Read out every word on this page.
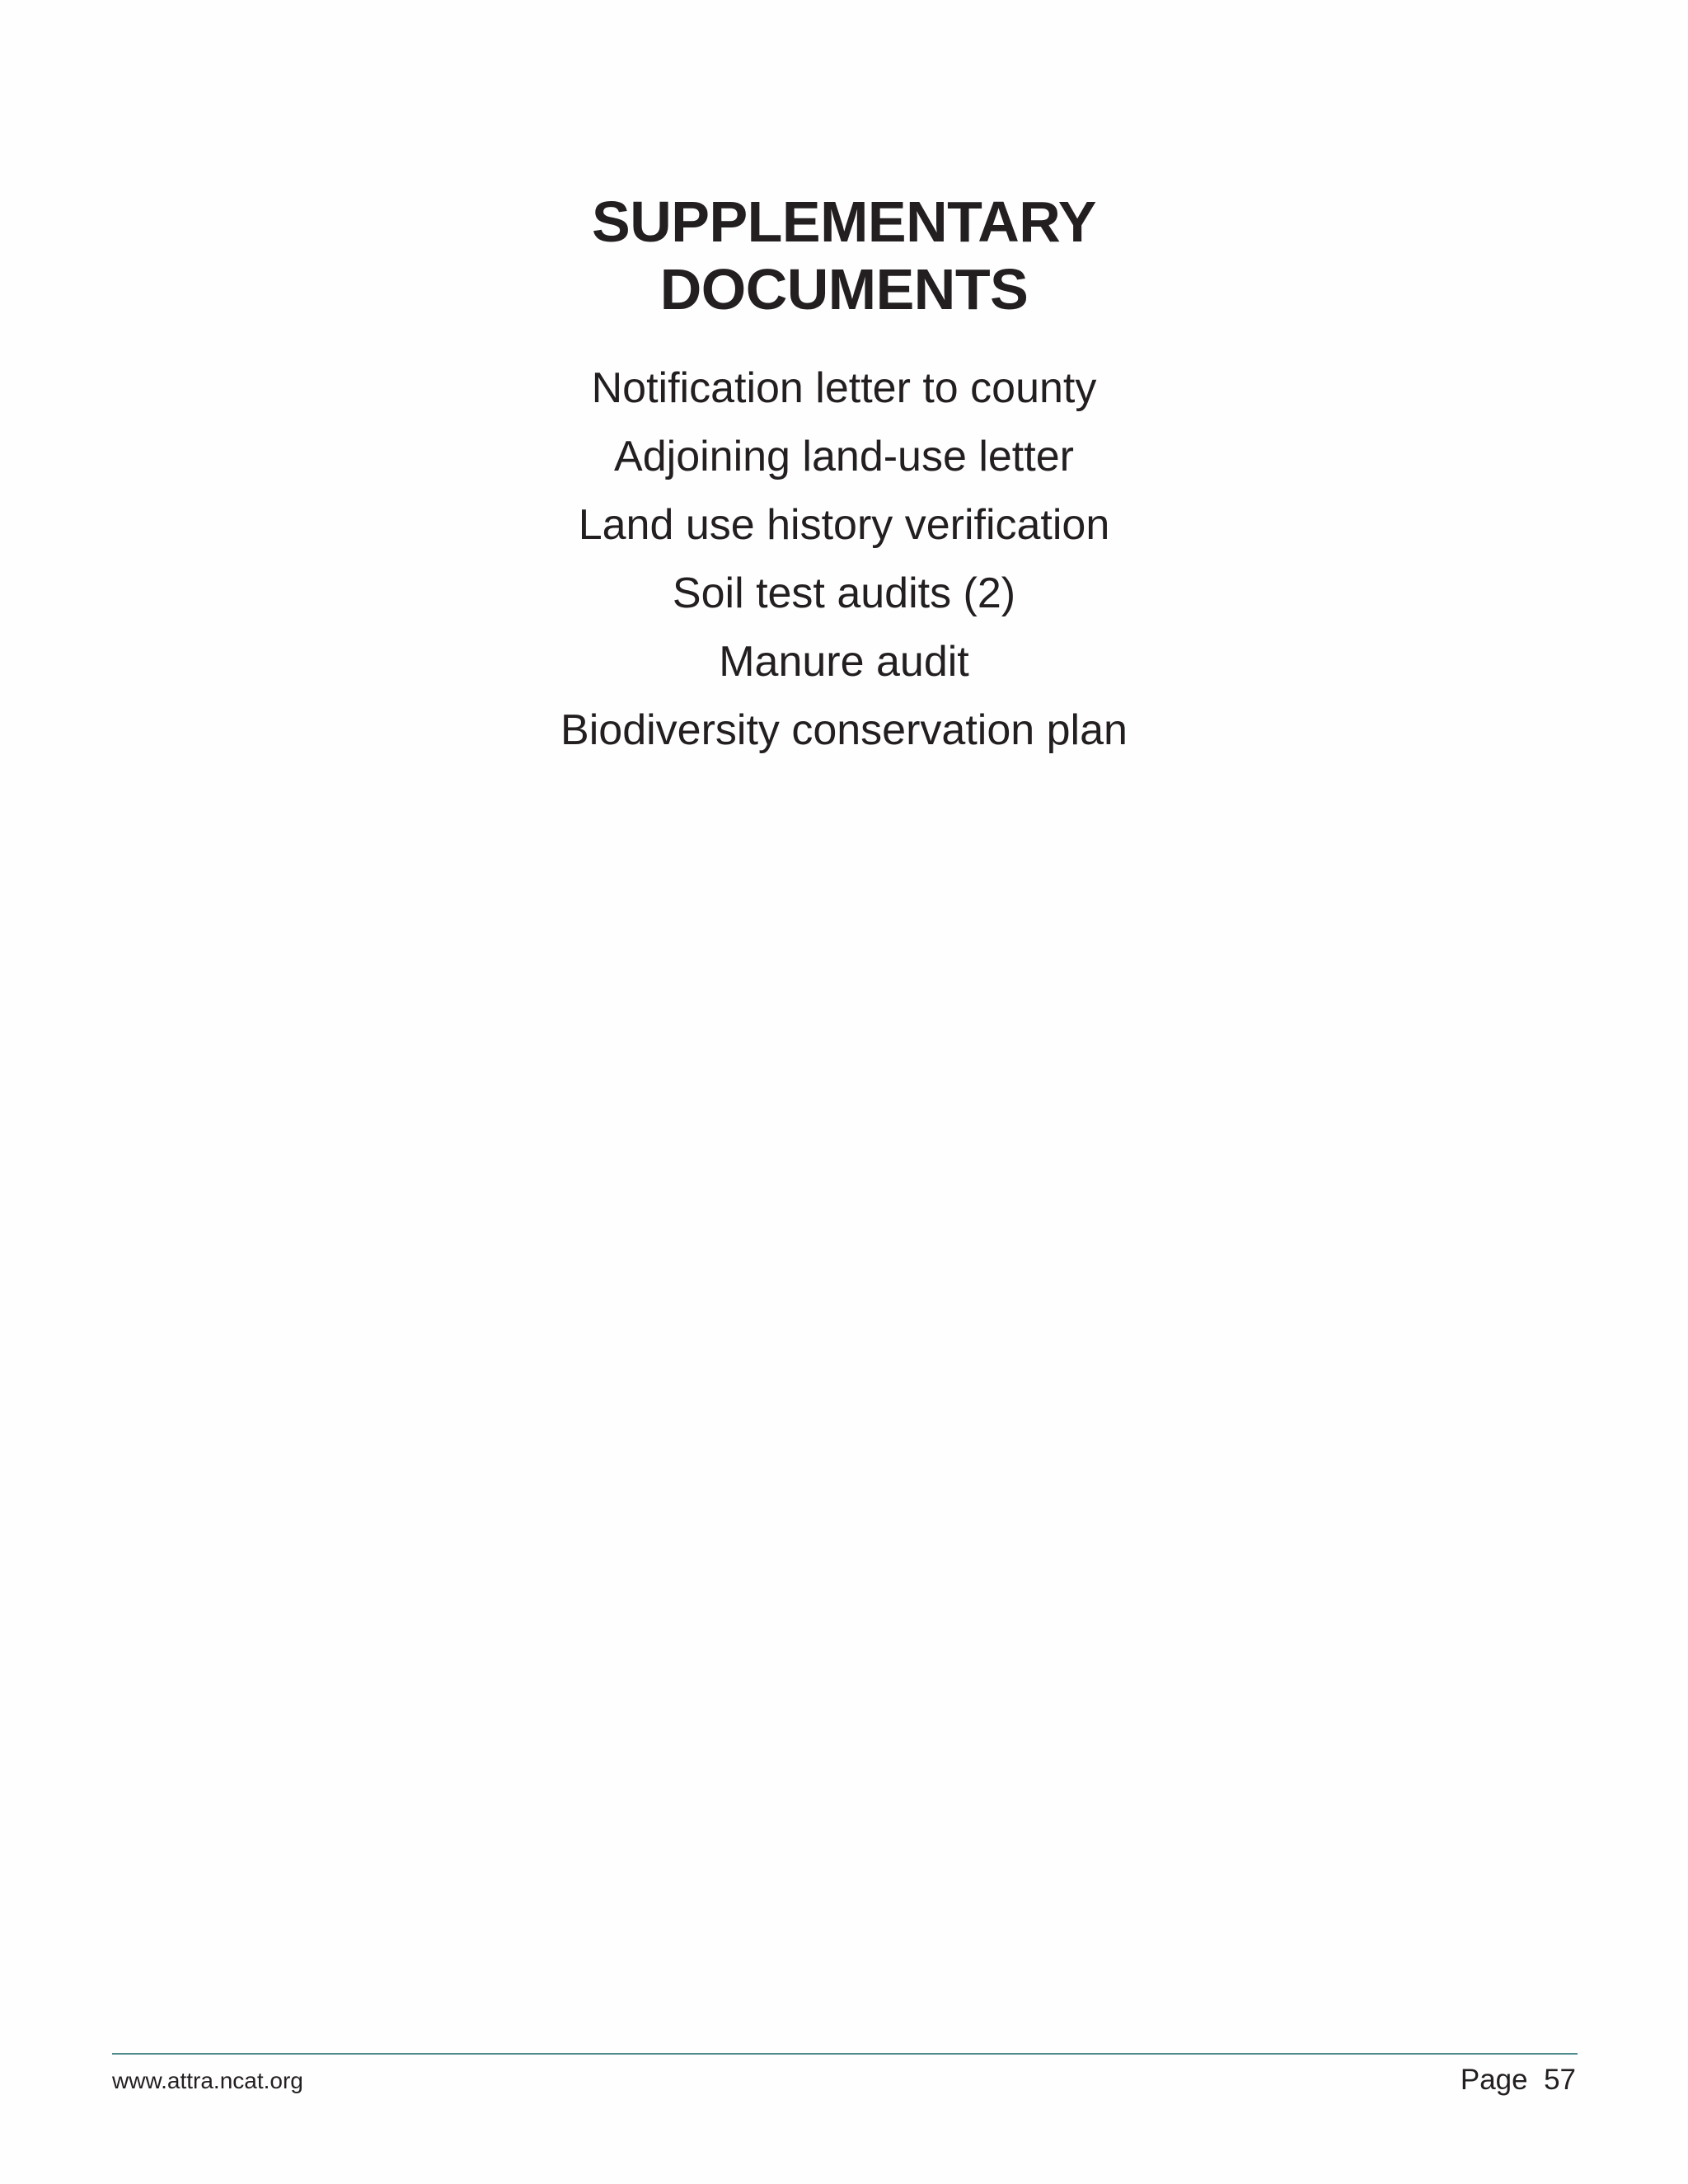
SUPPLEMENTARY
DOCUMENTS
Notification letter to county
Adjoining land-use letter
Land use history verification
Soil test audits (2)
Manure audit
Biodiversity conservation plan
www.attra.ncat.org	Page 57
